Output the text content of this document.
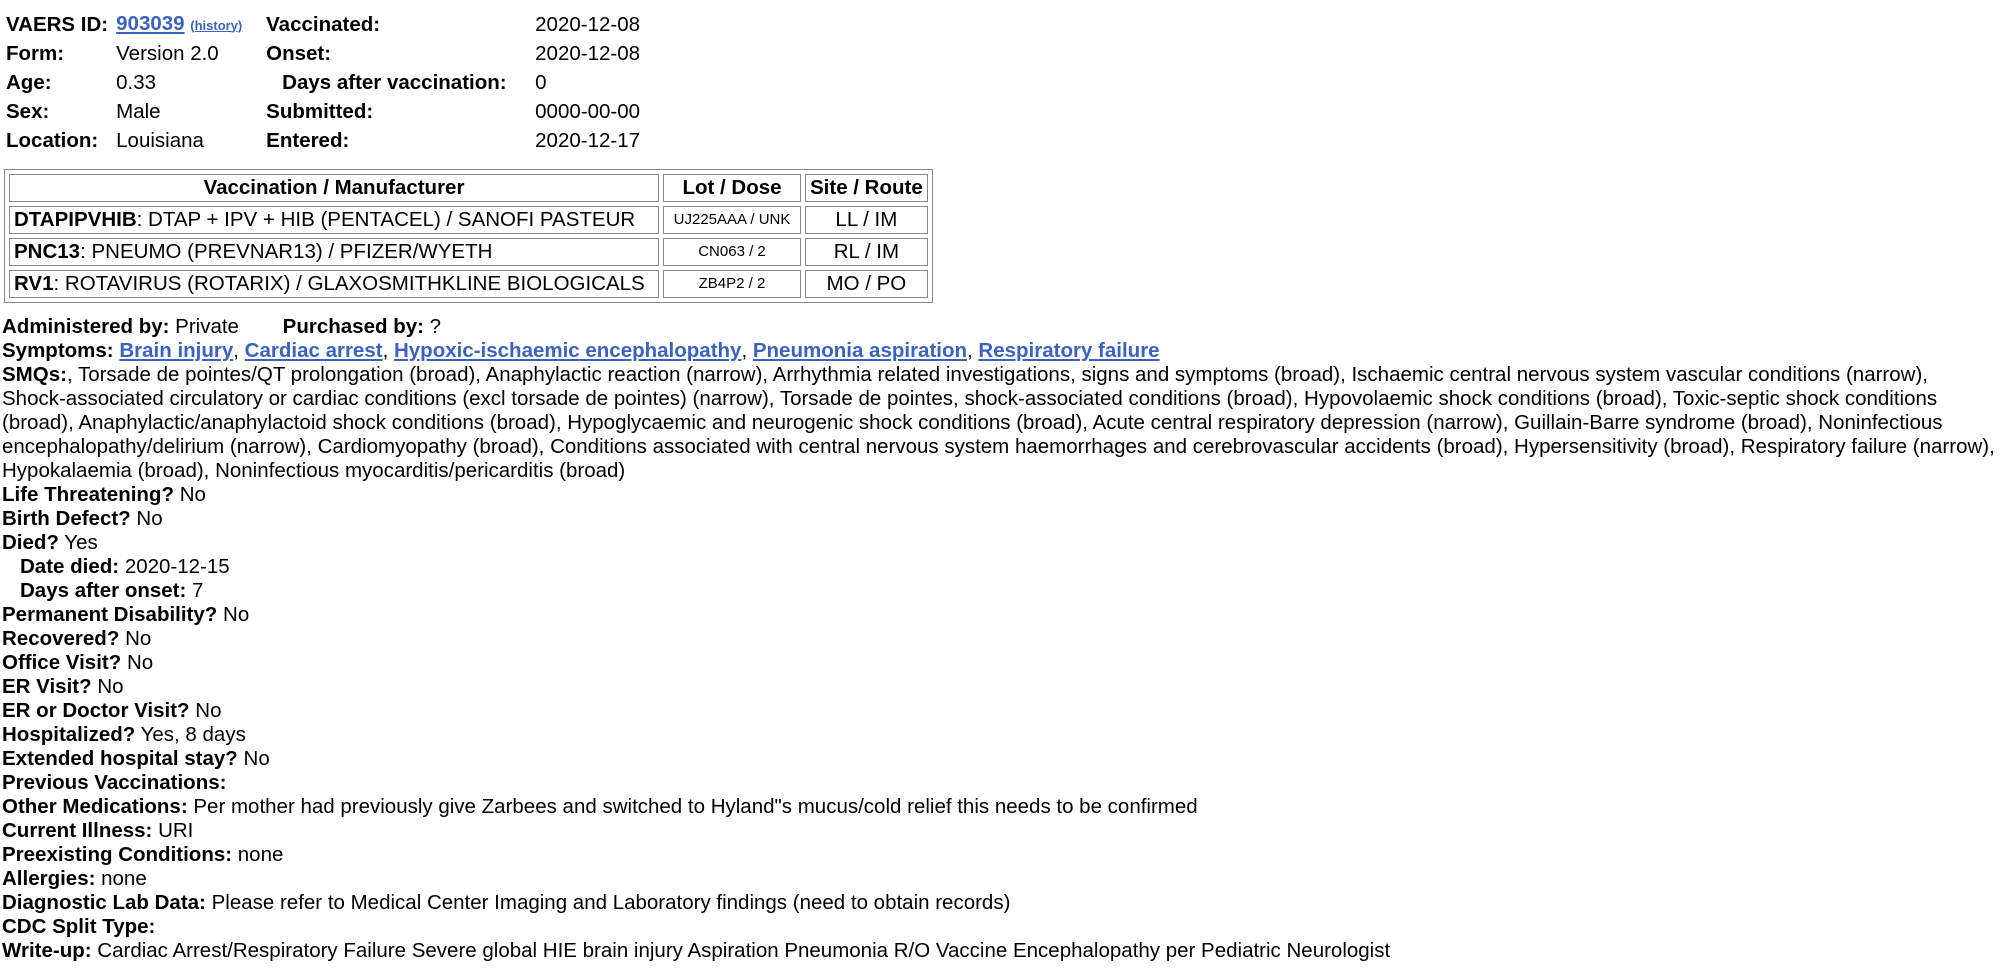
VAERS ID:	903039 (history)	Vaccinated:	2020-12-08
Form:	Version 2.0	Onset:	2020-12-08
Age:	0.33	Days after vaccination:	0
Sex:	Male	Submitted:	0000-00-00
Location:	Louisiana	Entered:	2020-12-17
Vaccination / Manufacturer	Lot / Dose	Site / Route
DTAPIPVHIB: DTAP + IPV + HIB (PENTACEL) / SANOFI PASTEUR	UJ225AAA / UNK	LL / IM
PNC13: PNEUMO (PREVNAR13) / PFIZER/WYETH	CN063 / 2	RL / IM
RV1: ROTAVIRUS (ROTARIX) / GLAXOSMITHKLINE BIOLOGICALS	ZB4P2 / 2	MO / PO
Administered by: Private Purchased by: ?
Symptoms: Brain injury, Cardiac arrest, Hypoxic-ischaemic encephalopathy, Pneumonia aspiration, Respiratory failure
SMQs:, Torsade de pointes/QT prolongation (broad), Anaphylactic reaction (narrow), Arrhythmia related investigations, signs and symptoms (broad), Ischaemic central nervous system vascular conditions (narrow), Shock-associated circulatory or cardiac conditions (excl torsade de pointes) (narrow), Torsade de pointes, shock-associated conditions (broad), Hypovolaemic shock conditions (broad), Toxic-septic shock conditions (broad), Anaphylactic/anaphylactoid shock conditions (broad), Hypoglycaemic and neurogenic shock conditions (broad), Acute central respiratory depression (narrow), Guillain-Barre syndrome (broad), Noninfectious encephalopathy/delirium (narrow), Cardiomyopathy (broad), Conditions associated with central nervous system haemorrhages and cerebrovascular accidents (broad), Hypersensitivity (broad), Respiratory failure (narrow), Hypokalaemia (broad), Noninfectious myocarditis/pericarditis (broad)
Life Threatening? No
Birth Defect? No
Died? Yes
Date died: 2020-12-15
Days after onset: 7
Permanent Disability? No
Recovered? No
Office Visit? No
ER Visit? No
ER or Doctor Visit? No
Hospitalized? Yes, 8 days
Extended hospital stay? No
Previous Vaccinations:
Other Medications: Per mother had previously give Zarbees and switched to Hyland"s mucus/cold relief this needs to be confirmed
Current Illness: URI
Preexisting Conditions: none
Allergies: none
Diagnostic Lab Data: Please refer to Medical Center Imaging and Laboratory findings (need to obtain records)
CDC Split Type:
Write-up: Cardiac Arrest/Respiratory Failure Severe global HIE brain injury Aspiration Pneumonia R/O Vaccine Encephalopathy per Pediatric Neurologist
